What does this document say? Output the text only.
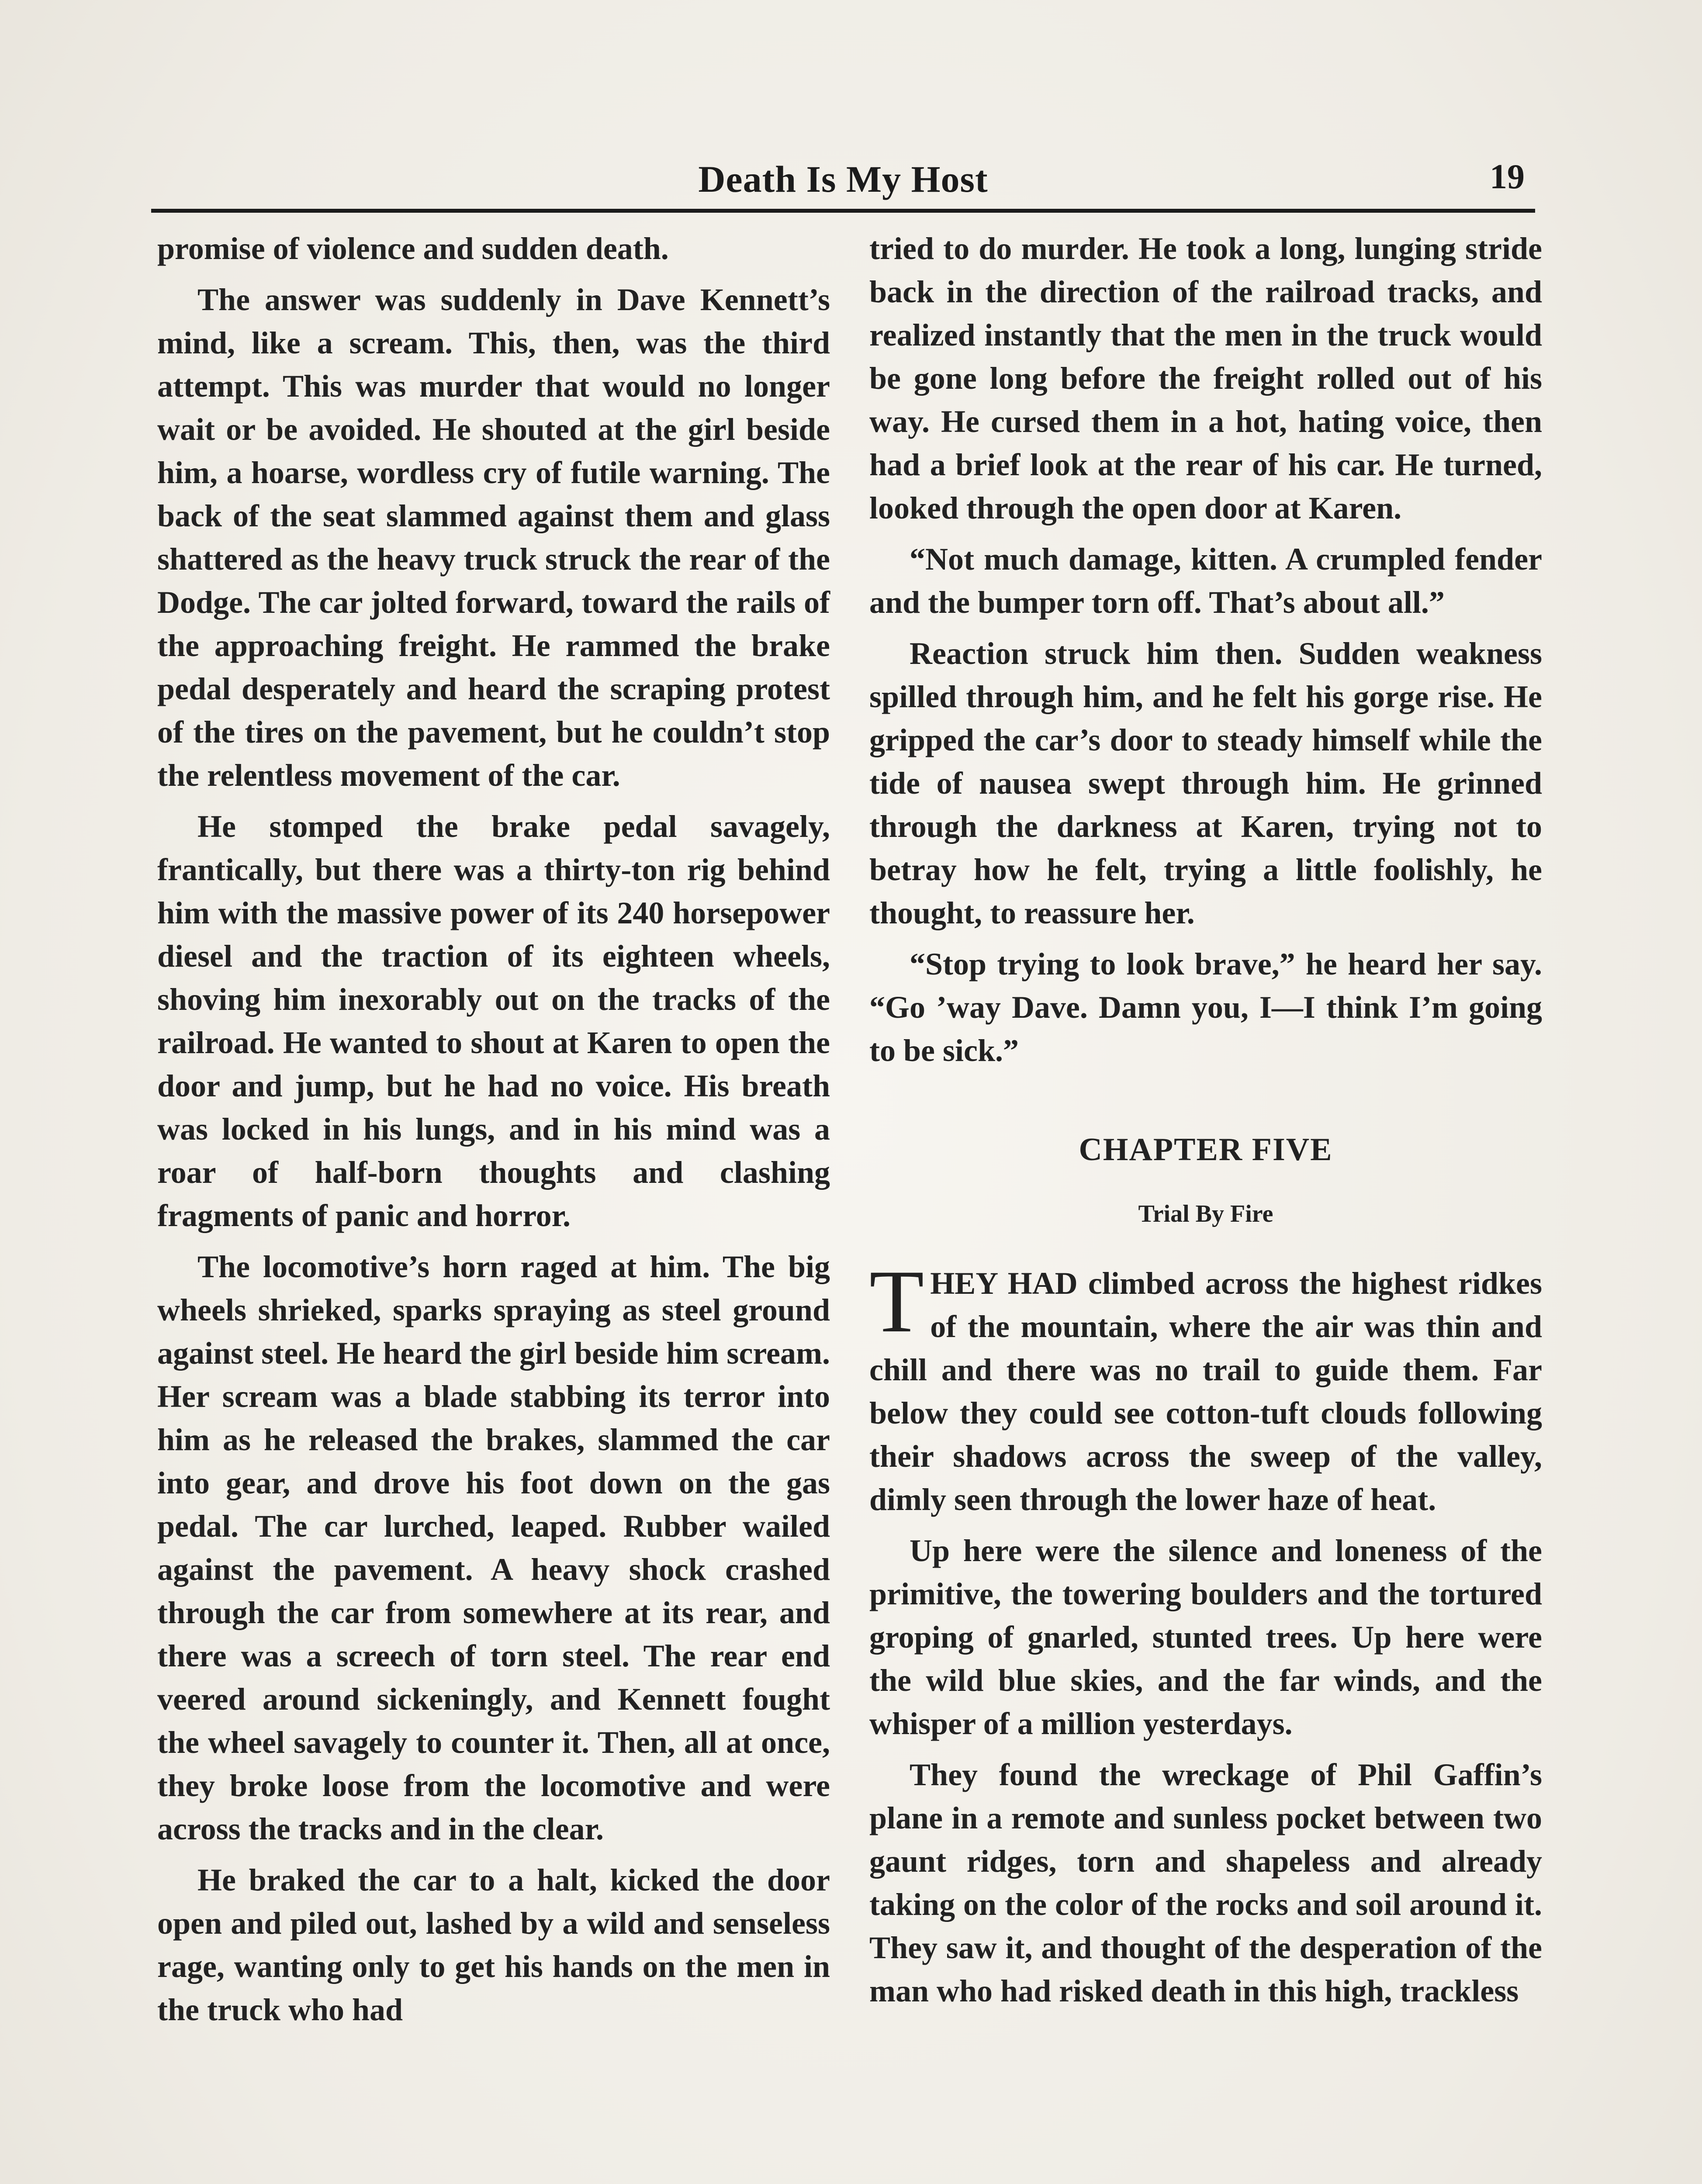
Death Is My Host	19

promise of violence and sudden death.

The answer was suddenly in Dave Kennett’s mind, like a scream. This, then, was the third attempt. This was murder that would no longer wait or be avoided. He shouted at the girl beside him, a hoarse, wordless cry of futile warning. The back of the seat slammed against them and glass shattered as the heavy truck struck the rear of the Dodge. The car jolted forward, toward the rails of the approaching freight. He rammed the brake pedal desperately and heard the scraping protest of the tires on the pavement, but he couldn’t stop the relentless movement of the car.

He stomped the brake pedal savagely, frantically, but there was a thirty-ton rig behind him with the massive power of its 240 horsepower diesel and the traction of its eighteen wheels, shoving him inexorably out on the tracks of the railroad. He wanted to shout at Karen to open the door and jump, but he had no voice. His breath was locked in his lungs, and in his mind was a roar of half-born thoughts and clashing fragments of panic and horror.

The locomotive’s horn raged at him. The big wheels shrieked, sparks spraying as steel ground against steel. He heard the girl beside him scream. Her scream was a blade stabbing its terror into him as he released the brakes, slammed the car into gear, and drove his foot down on the gas pedal. The car lurched, leaped. Rubber wailed against the pavement. A heavy shock crashed through the car from somewhere at its rear, and there was a screech of torn steel. The rear end veered around sickeningly, and Kennett fought the wheel savagely to counter it. Then, all at once, they broke loose from the locomotive and were across the tracks and in the clear.

He braked the car to a halt, kicked the door open and piled out, lashed by a wild and senseless rage, wanting only to get his hands on the men in the truck who had

tried to do murder. He took a long, lunging stride back in the direction of the railroad tracks, and realized instantly that the men in the truck would be gone long before the freight rolled out of his way. He cursed them in a hot, hating voice, then had a brief look at the rear of his car. He turned, looked through the open door at Karen.

“Not much damage, kitten. A crumpled fender and the bumper torn off. That’s about all.”

Reaction struck him then. Sudden weakness spilled through him, and he felt his gorge rise. He gripped the car’s door to steady himself while the tide of nausea swept through him. He grinned through the darkness at Karen, trying not to betray how he felt, trying a little foolishly, he thought, to reassure her.

“Stop trying to look brave,” he heard her say. “Go ’way Dave. Damn you, I—I think I’m going to be sick.”

CHAPTER FIVE
Trial By Fire

THEY HAD climbed across the highest ridkes of the mountain, where the air was thin and chill and there was no trail to guide them. Far below they could see cotton-tuft clouds following their shadows across the sweep of the valley, dimly seen through the lower haze of heat.

Up here were the silence and loneness of the primitive, the towering boulders and the tortured groping of gnarled, stunted trees. Up here were the wild blue skies, and the far winds, and the whisper of a million yesterdays.

They found the wreckage of Phil Gaffin’s plane in a remote and sunless pocket between two gaunt ridges, torn and shapeless and already taking on the color of the rocks and soil around it. They saw it, and thought of the desperation of the man who had risked death in this high, trackless
